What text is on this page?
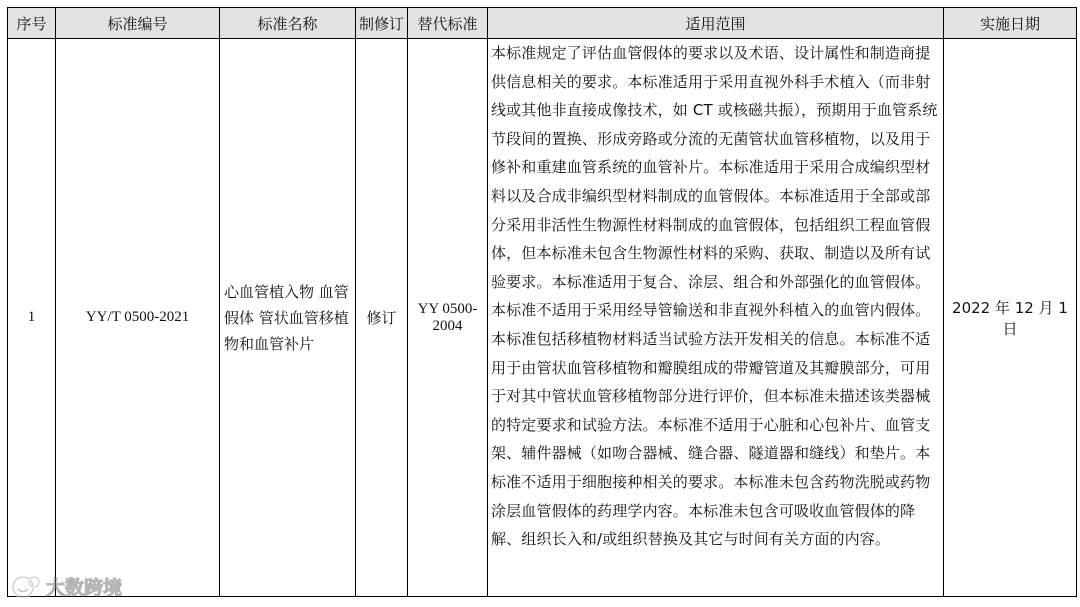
序号	标准编号	标准名称	制修订	替代标准	适用范围	实施日期
1	YY/T 0500-2021	心血管植入物 血管假体 管状血管移植物和血管补片	修订	YY 0500-2004	本标准规定了评估血管假体的要求以及术语、设计属性和制造商提供信息相关的要求。本标准适用于采用直视外科手术植入（而非射线或其他非直接成像技术，如 CT 或核磁共振），预期用于血管系统节段间的置换、形成旁路或分流的无菌管状血管移植物，以及用于修补和重建血管系统的血管补片。本标准适用于采用合成编织型材料以及合成非编织型材料制成的血管假体。本标准适用于全部或部分采用非活性生物源性材料制成的血管假体，包括组织工程血管假体，但本标准未包含生物源性材料的采购、获取、制造以及所有试验要求。本标准适用于复合、涂层、组合和外部强化的血管假体。本标准不适用于采用经导管输送和非直视外科植入的血管内假体。本标准包括移植物材料适当试验方法开发相关的信息。本标准不适用于由管状血管移植物和瓣膜组成的带瓣管道及其瓣膜部分，可用于对其中管状血管移植物部分进行评价，但本标准未描述该类器械的特定要求和试验方法。本标准不适用于心脏和心包补片、血管支架、辅件器械（如吻合器械、缝合器、隧道器和缝线）和垫片。本标准不适用于细胞接种相关的要求。本标准未包含药物洗脱或药物涂层血管假体的药理学内容。本标准未包含可吸收血管假体的降解、组织长入和/或组织替换及其它与时间有关方面的内容。	2022 年 12 月 1 日
大数跨境
